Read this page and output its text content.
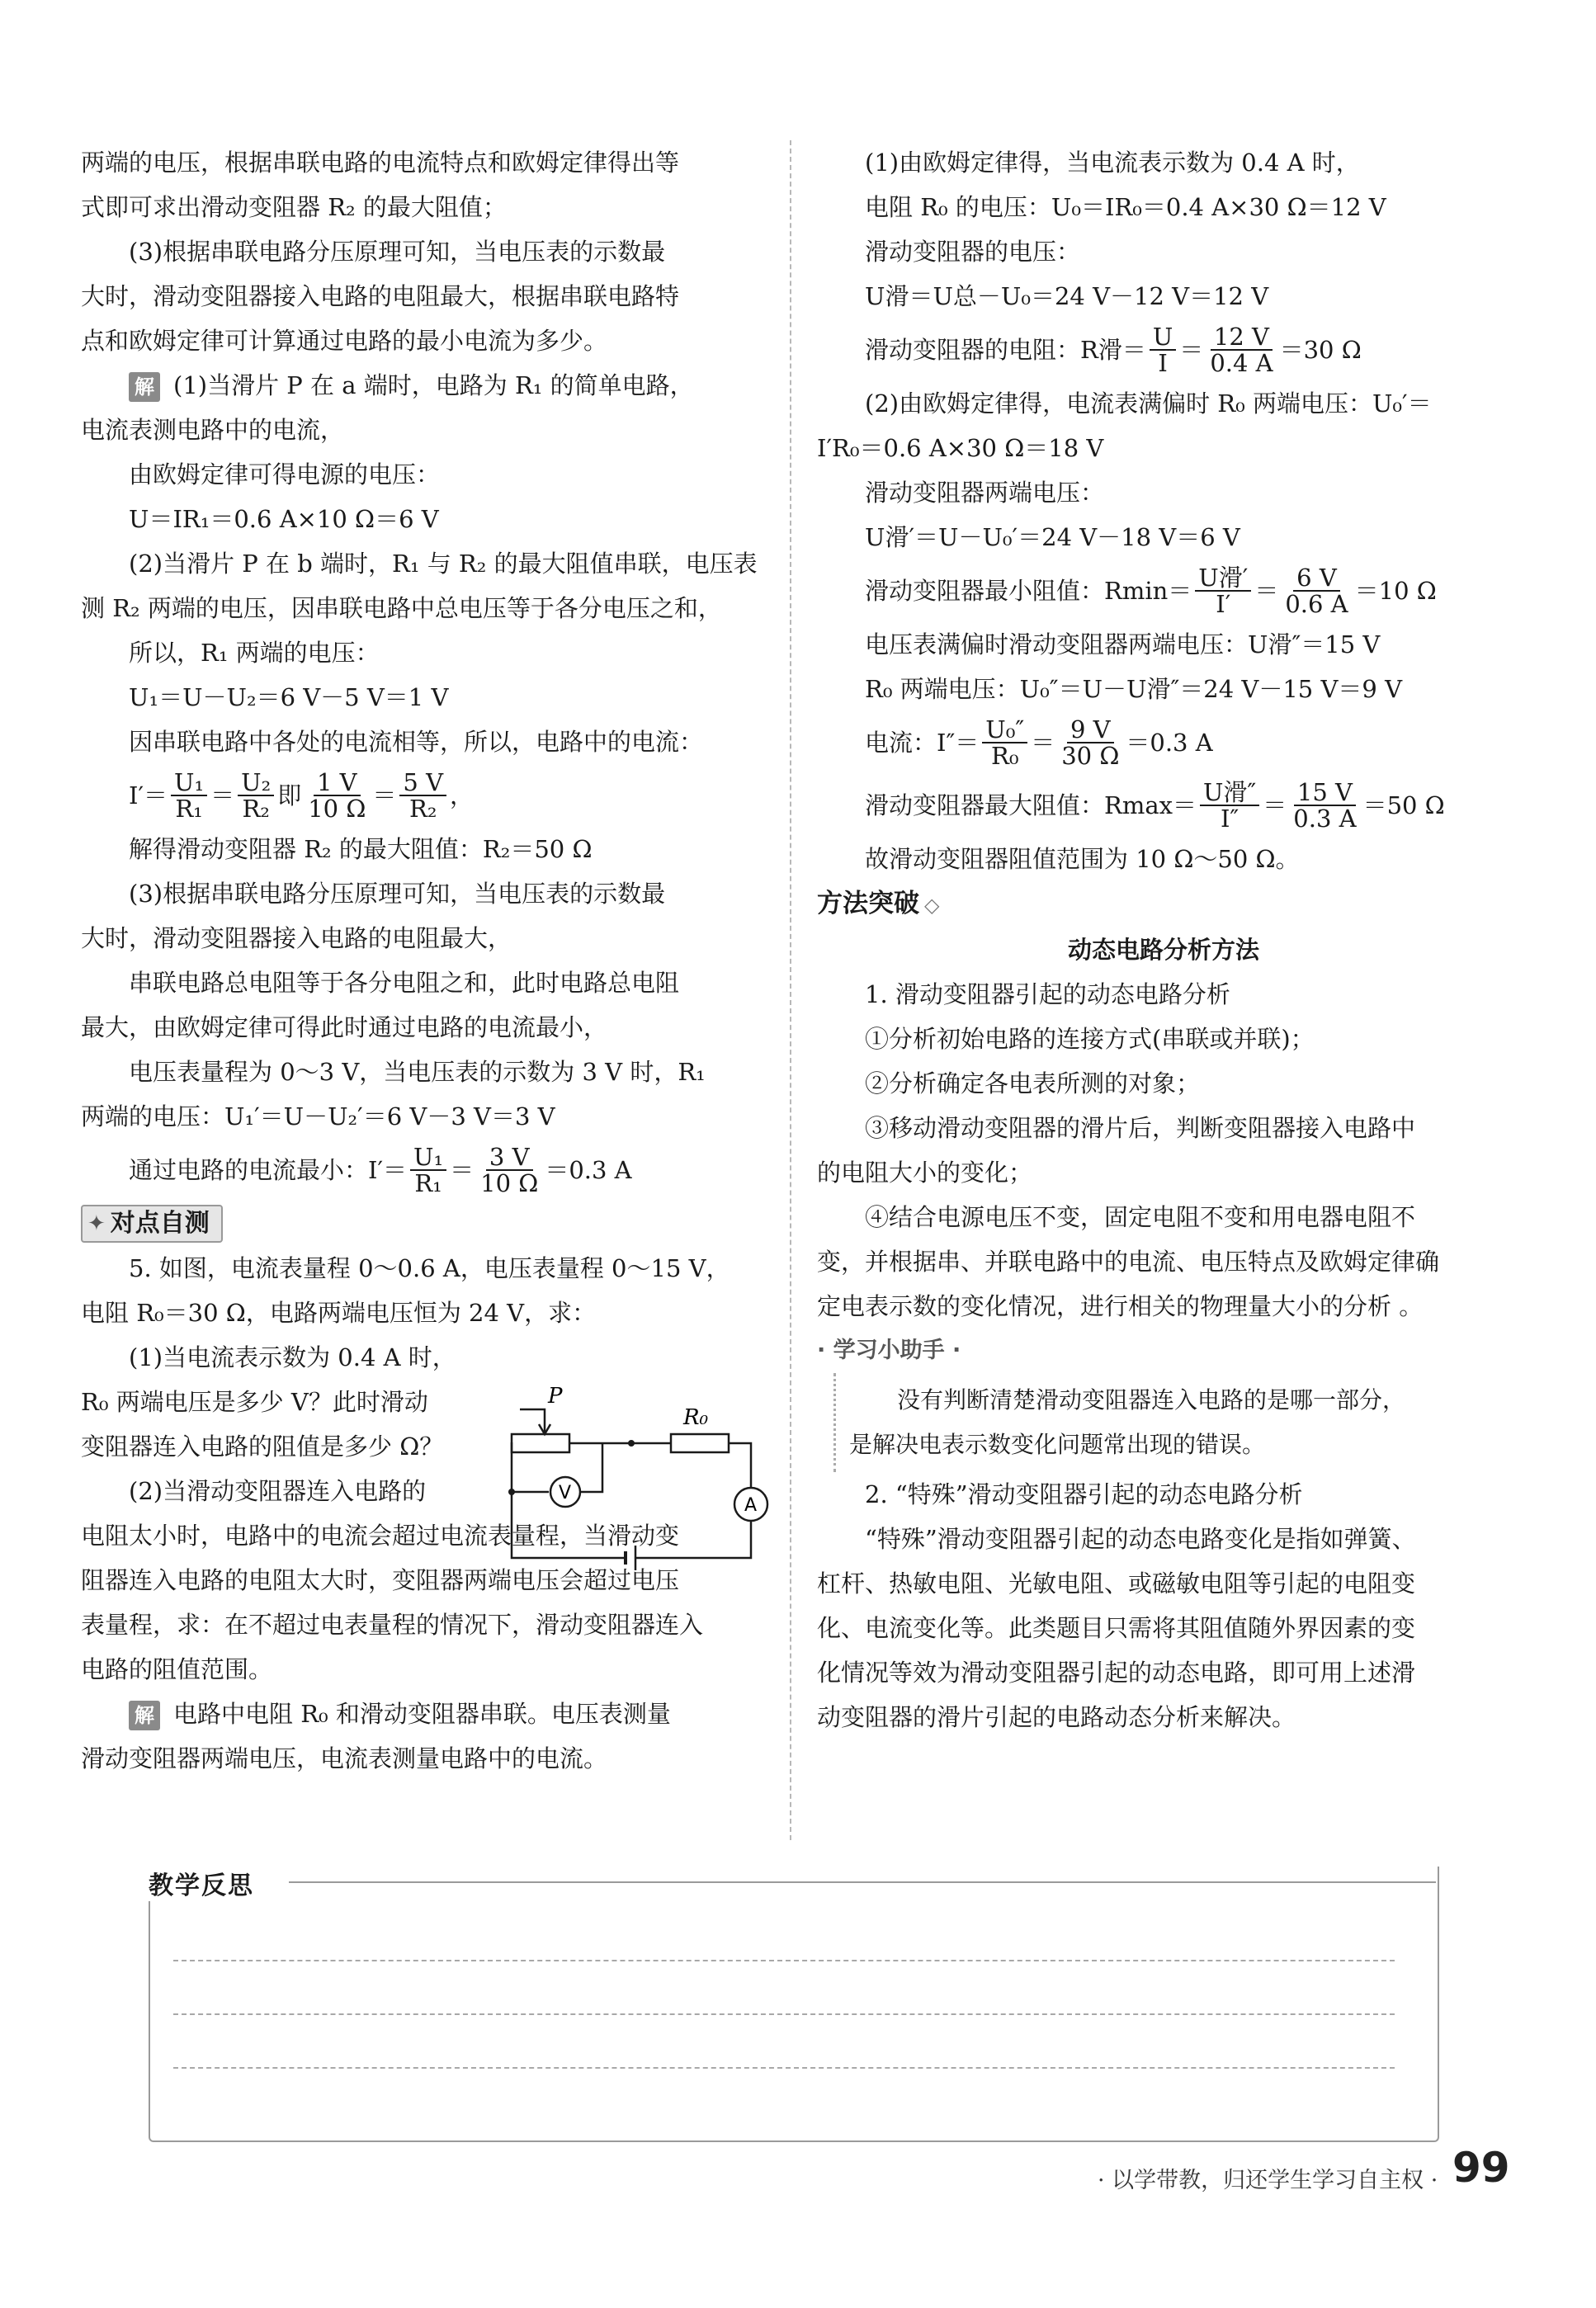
两端的电压，根据串联电路的电流特点和欧姆定律得出等

式即可求出滑动变阻器 R₂ 的最大阻值；

(3)根据串联电路分压原理可知，当电压表的示数最

大时，滑动变阻器接入电路的电阻最大，根据串联电路特

点和欧姆定律可计算通过电路的最小电流为多少。

解 (1)当滑片 P 在 a 端时，电路为 R₁ 的简单电路，

电流表测电路中的电流，

由欧姆定律可得电源的电压：

U＝IR₁＝0.6 A×10 Ω＝6 V

(2)当滑片 P 在 b 端时，R₁ 与 R₂ 的最大阻值串联，电压表

测 R₂ 两端的电压，因串联电路中总电压等于各分电压之和，

所以，R₁ 两端的电压：

U₁＝U－U₂＝6 V－5 V＝1 V

因串联电路中各处的电流相等，所以，电路中的电流：

$I'= \frac{\text{U₁}}{\text{R₁}} = \frac{\text{U₂}}{\text{R₂}}$ 即 $\frac{1 V}{10 \Omega} = \frac{5 V}{\text{R₂}}$ ，

解得滑动变阻器 R₂ 的最大阻值：R₂＝50 Ω

(3)根据串联电路分压原理可知，当电压表的示数最

大时，滑动变阻器接入电路的电阻最大，

串联电路总电阻等于各分电阻之和，此时电路总电阻

最大，由欧姆定律可得此时通过电路的电流最小，

电压表量程为 0～3 V，当电压表的示数为 3 V 时，R₁

两端的电压：U₁′＝U－U₂′＝6 V－3 V＝3 V

通过电路的电流最小：$I'= \frac{\text{U₁}}{\text{R₁}} = \frac{3 V}{10 \Omega} =0.3$ A
✦ 对点自测

5. 如图，电流表量程 0～0.6 A，电压表量程 0～15 V，

电阻 R₀＝30 Ω，电路两端电压恒为 24 V，求：

(1)当电流表示数为 0.4 A 时，

R₀ 两端电压是多少 V？此时滑动

变阻器连入电路的阻值是多少 Ω？

(2)当滑动变阻器连入电路的

电阻太小时，电路中的电流会超过电流表量程，当滑动变

阻器连入电路的电阻太大时，变阻器两端电压会超过电压

表量程，求：在不超过电表量程的情况下，滑动变阻器连入

电路的阻值范围。

解 电路中电阻 R₀ 和滑动变阻器串联。电压表测量

滑动变阻器两端电压，电流表测量电路中的电流。

P
R₀
V
A

(1)由欧姆定律得，当电流表示数为 0.4 A 时，

电阻 R₀ 的电压：U₀＝IR₀＝0.4 A×30 Ω＝12 V

滑动变阻器的电压：

U滑＝U总－U₀＝24 V－12 V＝12 V

滑动变阻器的电阻：R滑＝ $\frac{U}{I} = \frac{12 V}{0.4 A} =30$ Ω

(2)由欧姆定律得，电流表满偏时 R₀ 两端电压：U₀′＝

I′R₀＝0.6 A×30 Ω＝18 V

滑动变阻器两端电压：

U滑′＝U－U₀′＝24 V－18 V＝6 V

滑动变阻器最小阻值：$Rmin= \frac{\text{U滑′}}{I'} = \frac{6 V}{0.6 A} =10$ Ω

电压表满偏时滑动变阻器两端电压：U滑″＝15 V

R₀ 两端电压：U₀″＝U－U滑″＝24 V－15 V＝9 V

电流：$I''= \frac{\text{U₀″}}{\text{R₀}} = \frac{9 V}{30 \Omega} =0.3$ A
滑动变阻器最大阻值：$Rmax= \frac{\text{U滑″}}{I''} = \frac{15 V}{0.3 A} =50$ Ω

故滑动变阻器阻值范围为 10 Ω～50 Ω。

方法突破 ◇

动态电路分析方法

1. 滑动变阻器引起的动态电路分析

①分析初始电路的连接方式(串联或并联)；

②分析确定各电表所测的对象；

③移动滑动变阻器的滑片后，判断变阻器接入电路中

的电阻大小的变化；

④结合电源电压不变，固定电阻不变和用电器电阻不

变，并根据串、并联电路中的电流、电压特点及欧姆定律确

定电表示数的变化情况，进行相关的物理量大小的分析 。

· 学习小助手 ·

没有判断清楚滑动变阻器连入电路的是哪一部分，

是解决电表示数变化问题常出现的错误。

2. “特殊”滑动变阻器引起的动态电路分析

“特殊”滑动变阻器引起的动态电路变化是指如弹簧、

杠杆、热敏电阻、光敏电阻、或磁敏电阻等引起的电阻变

化、电流变化等。此类题目只需将其阻值随外界因素的变

化情况等效为滑动变阻器引起的动态电路，即可用上述滑

动变阻器的滑片引起的电路动态分析来解决。

教学反思
· 以学带教，归还学生学习自主权 · 99
